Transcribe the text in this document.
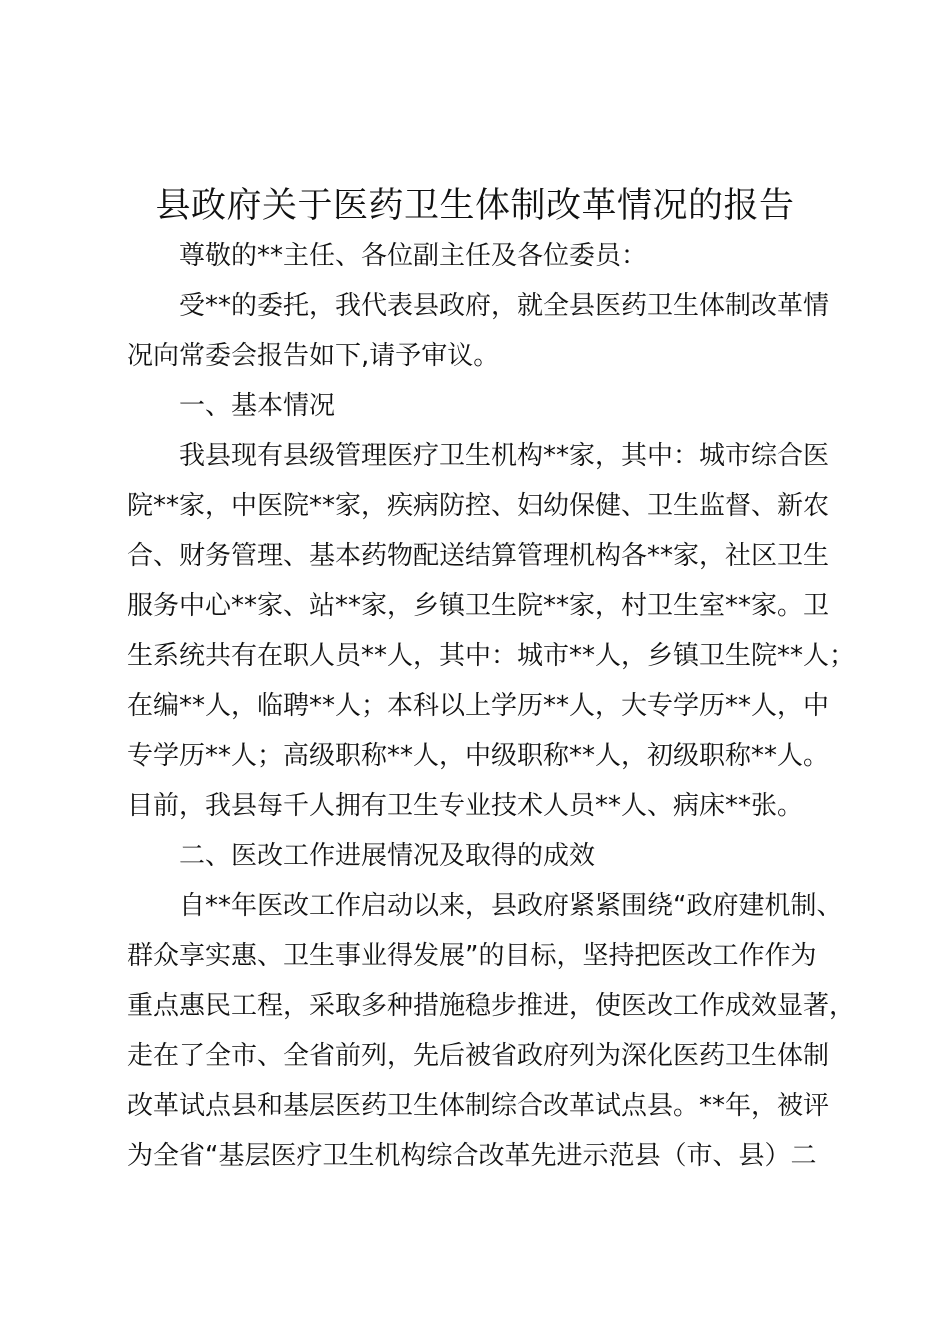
县政府关于医药卫生体制改革情况的报告
尊敬的**主任、各位副主任及各位委员：
受**的委托，我代表县政府，就全县医药卫生体制改革情
况向常委会报告如下,请予审议。
一、基本情况
我县现有县级管理医疗卫生机构**家，其中：城市综合医
院**家，中医院**家，疾病防控、妇幼保健、卫生监督、新农
合、财务管理、基本药物配送结算管理机构各**家，社区卫生
服务中心**家、站**家，乡镇卫生院**家，村卫生室**家。卫
生系统共有在职人员**人，其中：城市**人，乡镇卫生院**人；
在编**人，临聘**人；本科以上学历**人，大专学历**人，中
专学历**人；高级职称**人，中级职称**人，初级职称**人。
目前，我县每千人拥有卫生专业技术人员**人、病床**张。
二、医改工作进展情况及取得的成效
自**年医改工作启动以来，县政府紧紧围绕“政府建机制、
群众享实惠、卫生事业得发展”的目标，坚持把医改工作作为
重点惠民工程，采取多种措施稳步推进，使医改工作成效显著，
走在了全市、全省前列，先后被省政府列为深化医药卫生体制
改革试点县和基层医药卫生体制综合改革试点县。**年，被评
为全省“基层医疗卫生机构综合改革先进示范县（市、县）二
